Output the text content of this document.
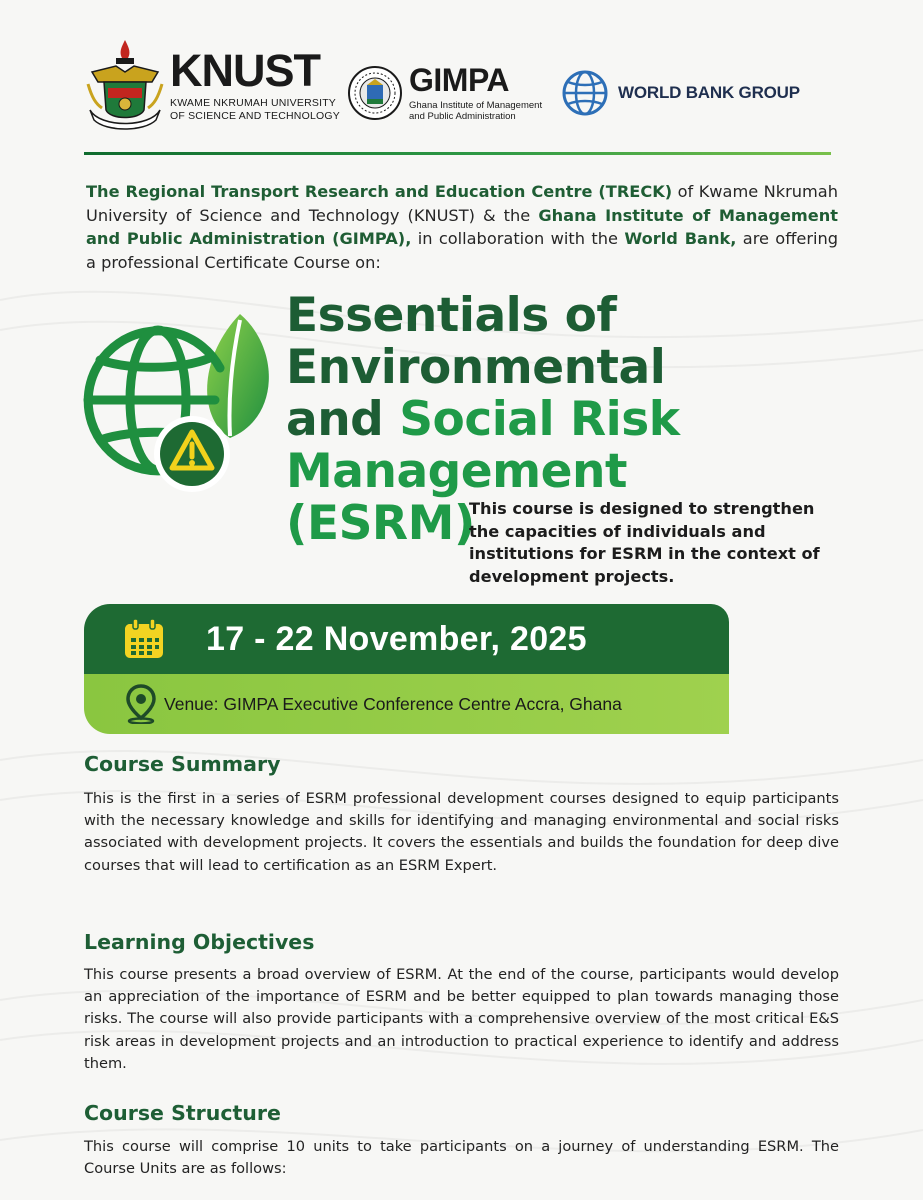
KNUST
KWAME NKRUMAH UNIVERSITY
OF SCIENCE AND TECHNOLOGY
GIMPA
Ghana Institute of Management
and Public Administration
WORLD BANK GROUP
The Regional Transport Research and Education Centre (TRECK) of Kwame Nkrumah University of Science and Technology (KNUST) & the Ghana Institute of Management and Public Administration (GIMPA), in collaboration with the World Bank, are offering a professional Certificate Course on:
Essentials of
Environmental
and Social Risk
Management
(ESRM)
This course is designed to strengthen the capacities of individuals and institutions for ESRM in the context of development projects.
17 - 22 November, 2025
Venue: GIMPA Executive Conference Centre Accra, Ghana
Course Summary
This is the first in a series of ESRM professional development courses designed to equip participants with the necessary knowledge and skills for identifying and managing environmental and social risks associated with development projects. It covers the essentials and builds the foundation for deep dive courses that will lead to certification as an ESRM Expert.
Learning Objectives
This course presents a broad overview of ESRM. At the end of the course, participants would develop an appreciation of the importance of ESRM and be better equipped to plan towards managing those risks. The course will also provide participants with a comprehensive overview of the most critical E&S risk areas in development projects and an introduction to practical experience to identify and address them.
Course Structure
This course will comprise 10 units to take participants on a journey of understanding ESRM. The Course Units are as follows:
